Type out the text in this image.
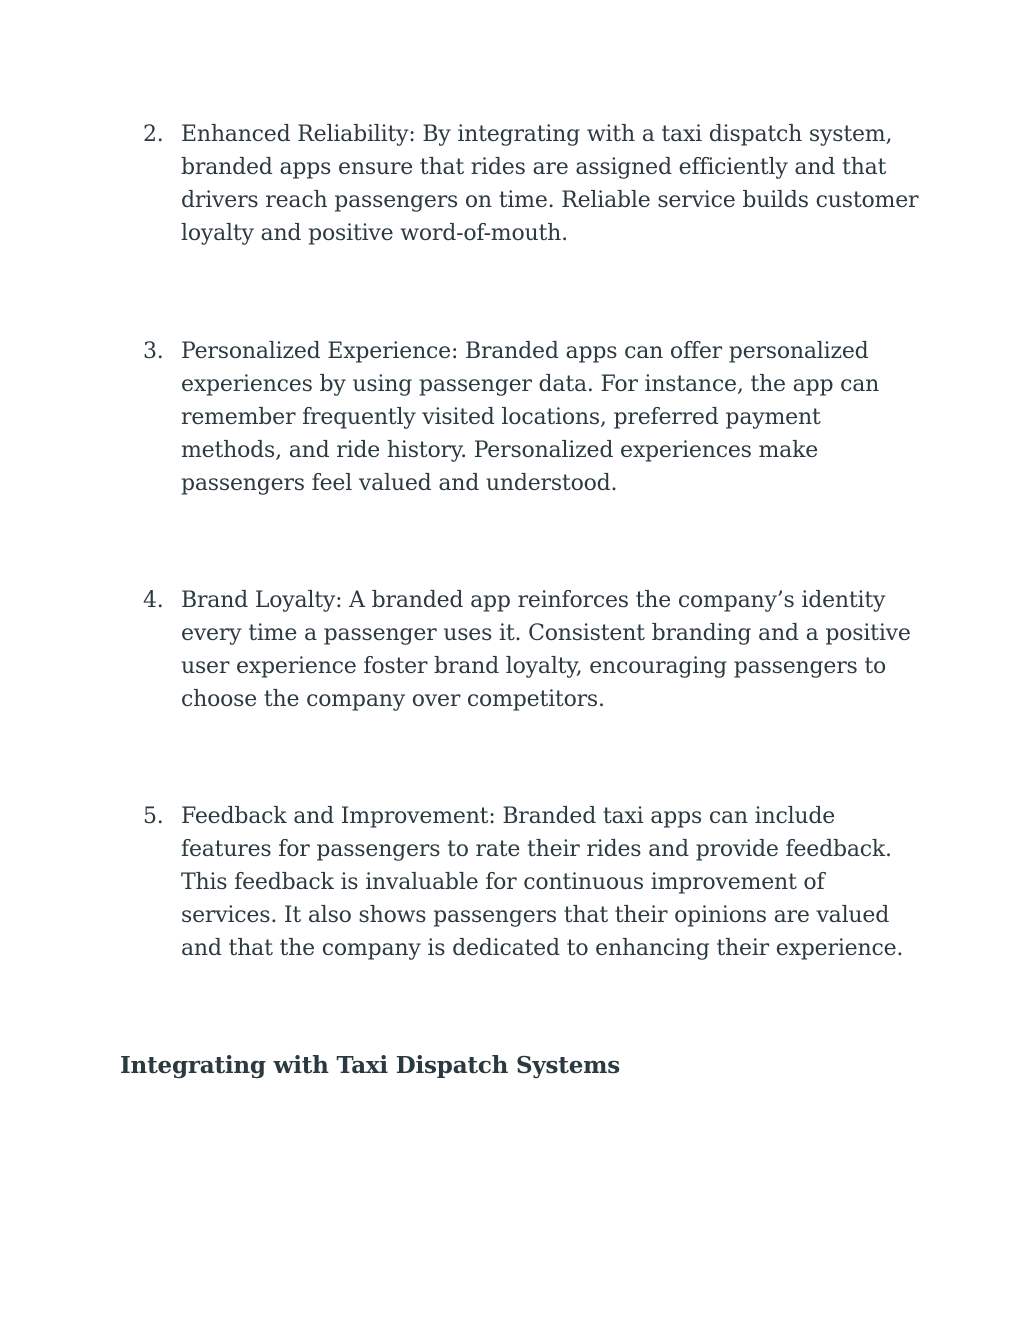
2. Enhanced Reliability: By integrating with a taxi dispatch system, branded apps ensure that rides are assigned efficiently and that drivers reach passengers on time. Reliable service builds customer loyalty and positive word-of-mouth.
3. Personalized Experience: Branded apps can offer personalized experiences by using passenger data. For instance, the app can remember frequently visited locations, preferred payment methods, and ride history. Personalized experiences make passengers feel valued and understood.
4. Brand Loyalty: A branded app reinforces the company’s identity every time a passenger uses it. Consistent branding and a positive user experience foster brand loyalty, encouraging passengers to choose the company over competitors.
5. Feedback and Improvement: Branded taxi apps can include features for passengers to rate their rides and provide feedback. This feedback is invaluable for continuous improvement of services. It also shows passengers that their opinions are valued and that the company is dedicated to enhancing their experience.
Integrating with Taxi Dispatch Systems
